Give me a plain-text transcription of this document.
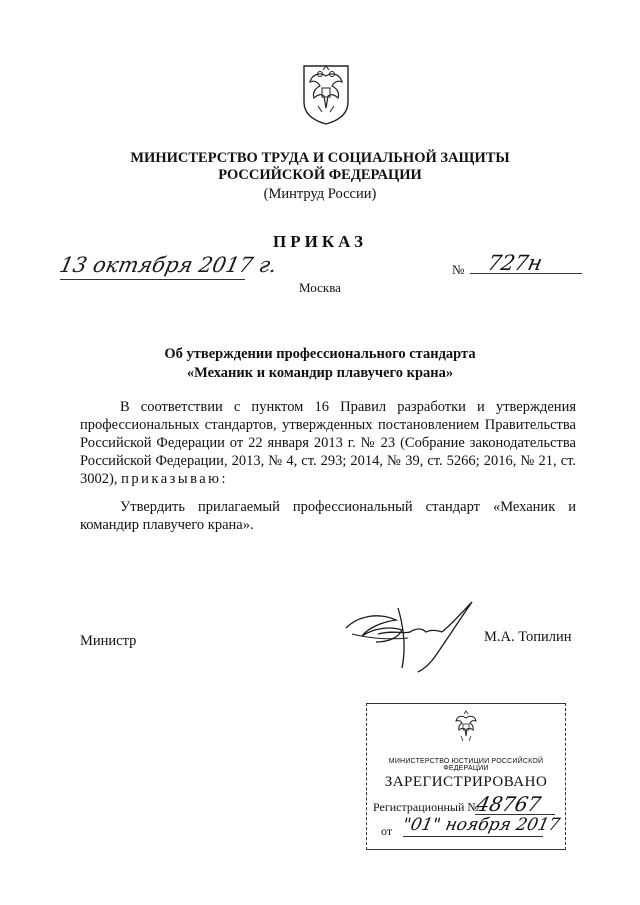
МИНИСТЕРСТВО ТРУДА И СОЦИАЛЬНОЙ ЗАЩИТЫ
РОССИЙСКОЙ ФЕДЕРАЦИИ
(Минтруд России)
ПРИКАЗ
13 октября 2017 г.	№ 727н
Москва
Об утверждении профессионального стандарта
«Механик и командир плавучего крана»
В соответствии с пунктом 16 Правил разработки и утверждения профессиональных стандартов, утвержденных постановлением Правительства Российской Федерации от 22 января 2013 г. № 23 (Собрание законодательства Российской Федерации, 2013, № 4, ст. 293; 2014, № 39, ст. 5266; 2016, № 21, ст. 3002), приказываю:
Утвердить прилагаемый профессиональный стандарт «Механик и командир плавучего крана».
Министр	М.А. Топилин
МИНИСТЕРСТВО ЮСТИЦИИ РОССИЙСКОЙ ФЕДЕРАЦИИ
ЗАРЕГИСТРИРОВАНО
Регистрационный №
48767
от "01" ноября 2017
